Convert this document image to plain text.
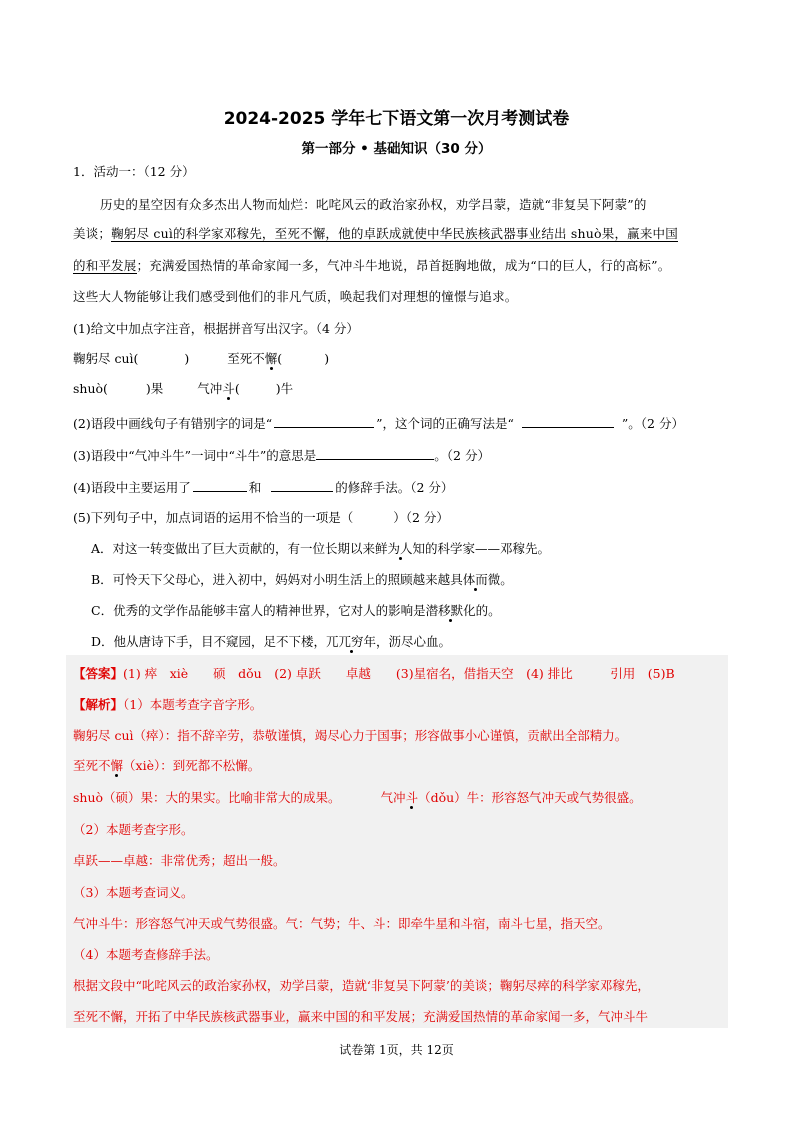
2024-2025 学年七下语文第一次月考测试卷
第一部分 • 基础知识（30 分）
1．活动一：（12 分）
历史的星空因有众多杰出人物而灿烂：叱咤风云的政治家孙权，劝学吕蒙，造就“非复吴下阿蒙”的
美谈；鞠躬尽 cuì的科学家邓稼先，至死不懈，他的卓跃成就使中华民族核武器事业结出 shuò果，赢来中国
的和平发展；充满爱国热情的革命家闻一多，气冲斗牛地说，昂首挺胸地做，成为“口的巨人，行的高标”。
这些大人物能够让我们感受到他们的非凡气质，唤起我们对理想的憧憬与追求。
(1)给文中加点字注音，根据拼音写出汉字。（4 分）
鞠躬尽 cuì(	)	至死不懈(	)
shuò(	)果	气冲斗(	)牛
(2)语段中画线句子有错别字的词是“	”，这个词的正确写法是“	”。（2 分）
(3)语段中“气冲斗牛”一词中“斗牛”的意思是	。（2 分）
(4)语段中主要运用了	和	的修辞手法。（2 分）
(5)下列句子中，加点词语的运用不恰当的一项是（	）（2 分）
A．对这一转变做出了巨大贡献的，有一位长期以来鲜为人知的科学家——邓稼先。
B．可怜天下父母心，进入初中，妈妈对小明生活上的照顾越来越具体而微。
C．优秀的文学作品能够丰富人的精神世界，它对人的影响是潜移默化的。
D．他从唐诗下手，目不窥园，足不下楼，兀兀穷年，沥尽心血。
【答案】(1) 瘁　xiè　　硕　dǒu　(2) 卓跃　　卓越　　(3)星宿名，借指天空　(4) 排比　　　引用　(5)B
【解析】（1）本题考查字音字形。
鞠躬尽 cuì（瘁）：指不辞辛劳，恭敬谨慎，竭尽心力于国事；形容做事小心谨慎，贡献出全部精力。
至死不懈（xiè）：到死都不松懈。
shuò（硕）果：大的果实。比喻非常大的成果。	气冲斗（dǒu）牛：形容怒气冲天或气势很盛。
（2）本题考查字形。
卓跃——卓越：非常优秀；超出一般。
（3）本题考查词义。
气冲斗牛：形容怒气冲天或气势很盛。气：气势；牛、斗：即牵牛星和斗宿，南斗七星，指天空。
（4）本题考查修辞手法。
根据文段中“叱咤风云的政治家孙权，劝学吕蒙，造就‘非复吴下阿蒙’的美谈；鞠躬尽瘁的科学家邓稼先，
至死不懈，开拓了中华民族核武器事业，赢来中国的和平发展；充满爱国热情的革命家闻一多，气冲斗牛
试卷第 1页，共 12页
